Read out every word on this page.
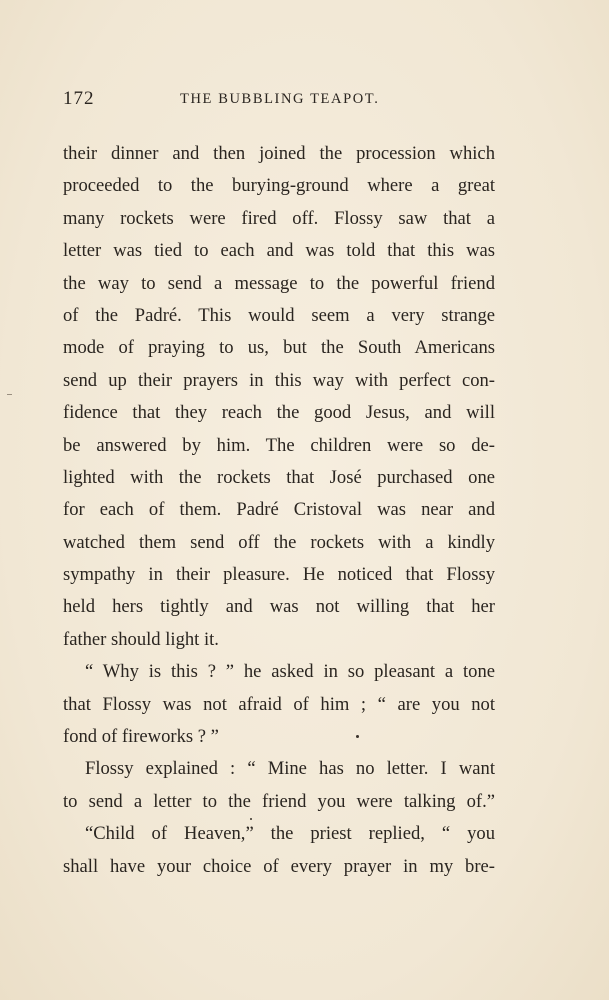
172	THE BUBBLING TEAPOT.
their dinner and then joined the procession which
proceeded to the burying-ground where a great
many rockets were fired off. Flossy saw that a
letter was tied to each and was told that this was
the way to send a message to the powerful friend
of the Padré. This would seem a very strange
mode of praying to us, but the South Americans
send up their prayers in this way with perfect con-
fidence that they reach the good Jesus, and will
be answered by him. The children were so de-
lighted with the rockets that José purchased one
for each of them. Padré Cristoval was near and
watched them send off the rockets with a kindly
sympathy in their pleasure. He noticed that Flossy
held hers tightly and was not willing that her
father should light it.
“ Why is this ? ” he asked in so pleasant a tone
that Flossy was not afraid of him ; “ are you not
fond of fireworks ? ”
Flossy explained : “ Mine has no letter. I want
to send a letter to the friend you were talking of.”
“Child of Heaven,” the priest replied, “ you
shall have your choice of every prayer in my bre-
